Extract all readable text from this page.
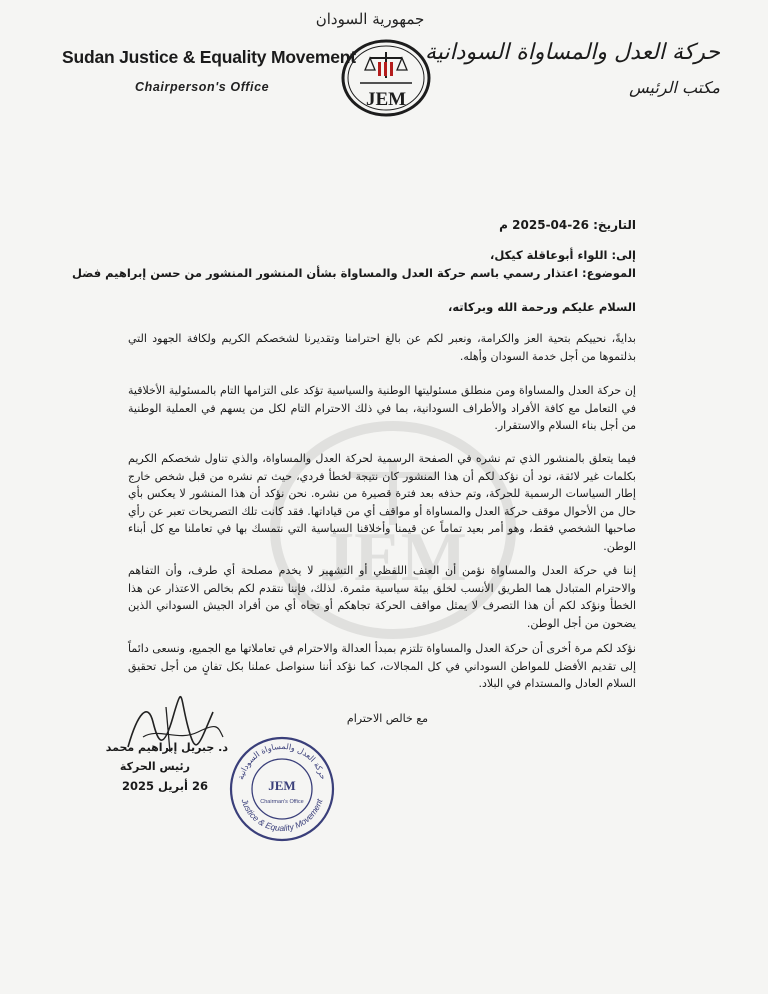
JEM
جمهورية السودان
Sudan Justice & Equality Movement
Chairperson's Office
حركة العدل والمساواة السودانية
مكتب الرئيس
JEM
التاريخ: 26-04-2025 م
إلى: اللواء أبوعاقلة كيكل،
الموضوع: اعتذار رسمي باسم حركة العدل والمساواة بشأن المنشور المنشور من حسن إبراهيم فضل
السلام عليكم ورحمة الله وبركاته،
بدايةً، نحييكم بتحية العز والكرامة، ونعبر لكم عن بالغ احترامنا وتقديرنا لشخصكم الكريم ولكافة الجهود التي بذلتموها من أجل خدمة السودان وأهله.
إن حركة العدل والمساواة ومن منطلق مسئوليتها الوطنية والسياسية تؤكد على التزامها التام بالمسئولية الأخلاقية في التعامل مع كافة الأفراد والأطراف السودانية، بما في ذلك الاحترام التام لكل من يسهم في العملية الوطنية من أجل بناء السلام والاستقرار.
فيما يتعلق بالمنشور الذي تم نشره في الصفحة الرسمية لحركة العدل والمساواة، والذي تناول شخصكم الكريم بكلمات غير لائقة، نود أن نؤكد لكم أن هذا المنشور كان نتيجة لخطأ فردي، حيث تم نشره من قبل شخص خارج إطار السياسات الرسمية للحركة، وتم حذفه بعد فترة قصيرة من نشره. نحن نؤكد أن هذا المنشور لا يعكس بأي حال من الأحوال موقف حركة العدل والمساواة أو مواقف أي من قياداتها. فقد كانت تلك التصريحات تعبر عن رأي صاحبها الشخصي فقط، وهو أمر بعيد تماماً عن قيمنا وأخلاقنا السياسية التي نتمسك بها في تعاملنا مع كل أبناء الوطن.
إننا في حركة العدل والمساواة نؤمن أن العنف اللفظي أو التشهير لا يخدم مصلحة أي طرف، وأن التفاهم والاحترام المتبادل هما الطريق الأنسب لخلق بيئة سياسية مثمرة. لذلك، فإننا نتقدم لكم بخالص الاعتذار عن هذا الخطأ ونؤكد لكم أن هذا التصرف لا يمثل مواقف الحركة تجاهكم أو تجاه أي من أفراد الجيش السوداني الذين يضحون من أجل الوطن.
نؤكد لكم مرة أخرى أن حركة العدل والمساواة تلتزم بمبدأ العدالة والاحترام في تعاملاتها مع الجميع، ونسعى دائماً إلى تقديم الأفضل للمواطن السوداني في كل المجالات، كما نؤكد أننا سنواصل عملنا بكل تفانٍ من أجل تحقيق السلام العادل والمستدام في البلاد.
مع خالص الاحترام
د. جبريل إبراهيم محمد
رئيس الحركة
26 أبريل 2025
حركة العدل والمساواة السودانية
Justice & Equality Movement
JEM
Chairman's Office
